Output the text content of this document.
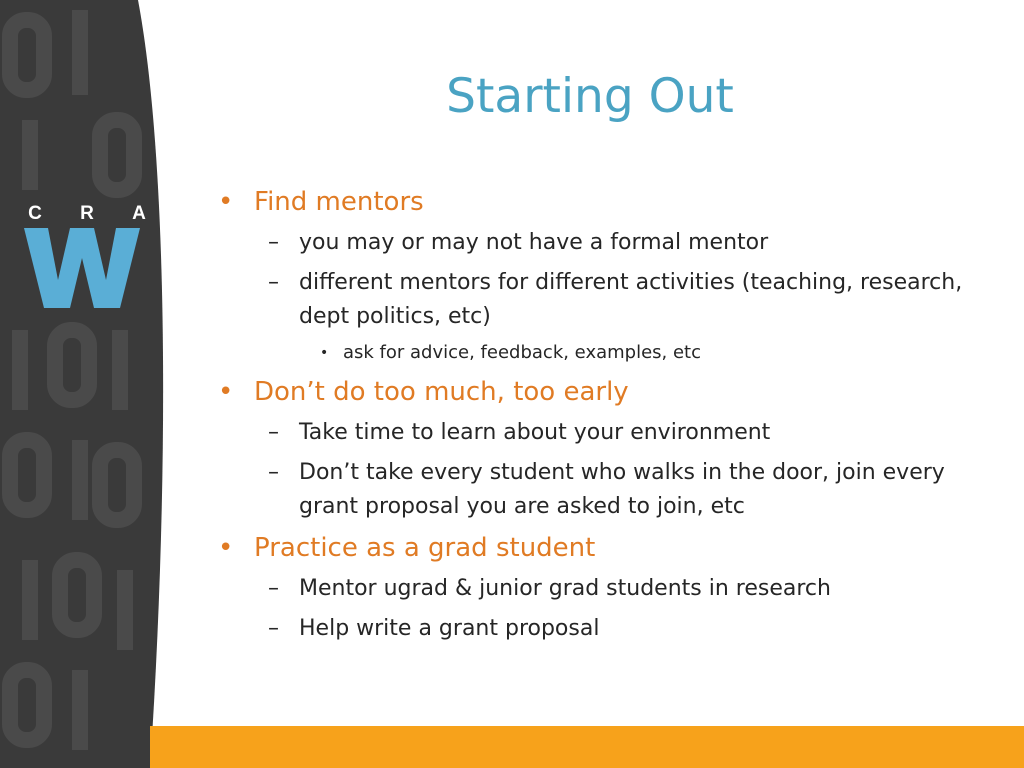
C R A
Starting Out
• Find mentors
– you may or may not have a formal mentor
– different mentors for different activities (teaching, research, dept politics, etc)
• ask for advice, feedback, examples, etc
• Don’t do too much, too early
– Take time to learn about your environment
– Don’t take every student who walks in the door, join every grant proposal you are asked to join, etc
• Practice as a grad student
– Mentor ugrad & junior grad students in research
– Help write a grant proposal
